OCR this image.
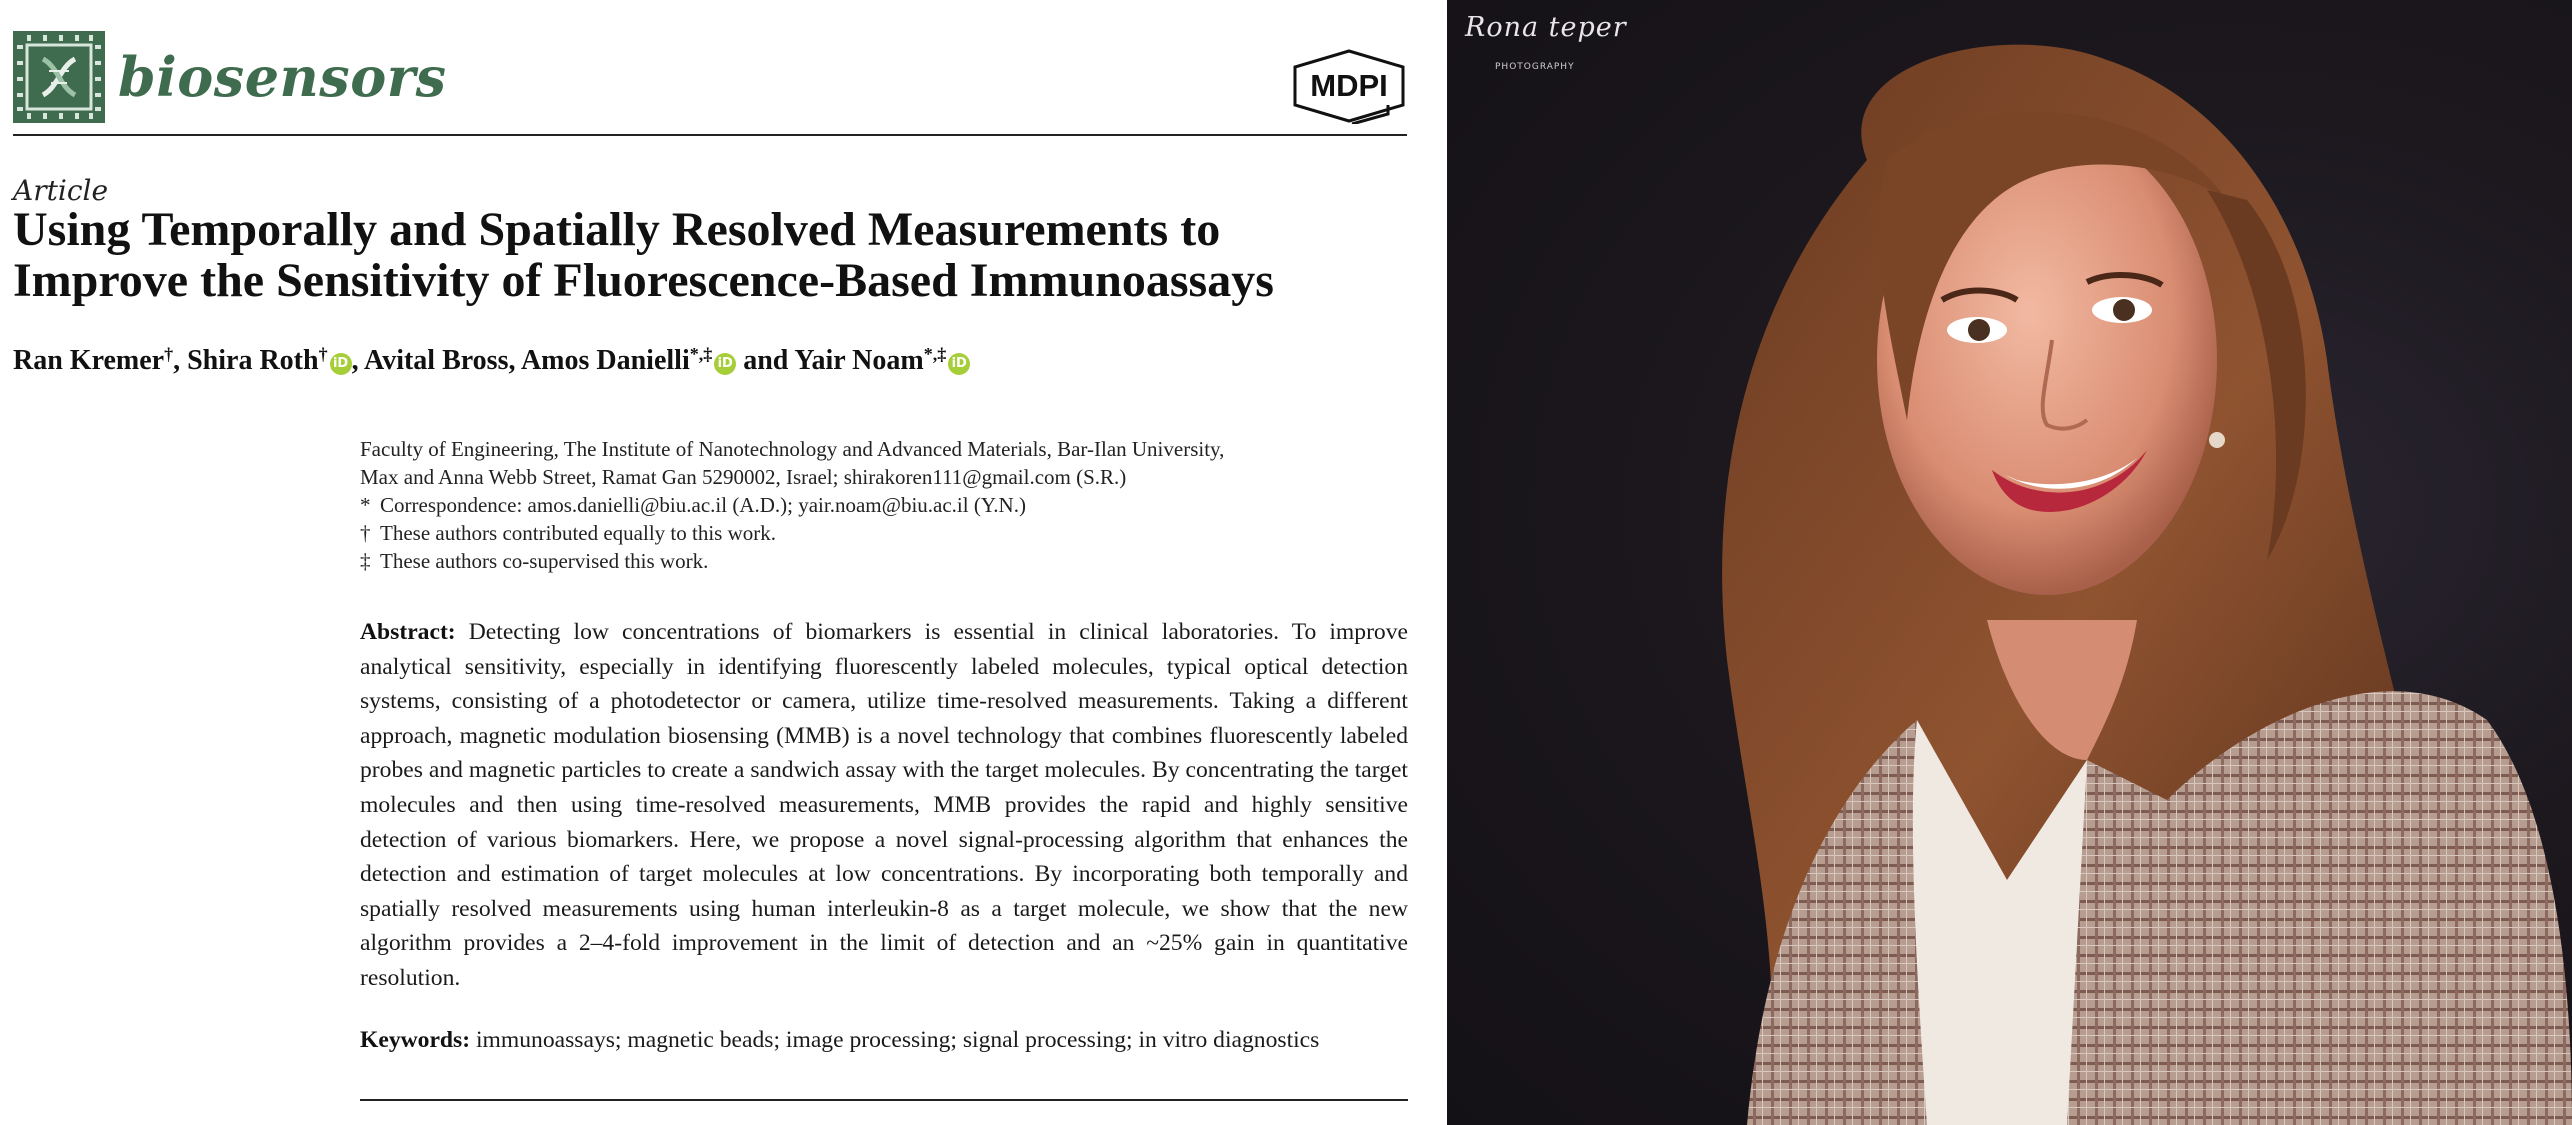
biosensors	MDPI
Article
Using Temporally and Spatially Resolved Measurements to
Improve the Sensitivity of Fluorescence-Based Immunoassays
Ran Kremer†, Shira Roth† iD , Avital Bross, Amos Danielli*,‡ iD and Yair Noam*,‡ iD
Faculty of Engineering, The Institute of Nanotechnology and Advanced Materials, Bar-Ilan University,
Max and Anna Webb Street, Ramat Gan 5290002, Israel; shirakoren111@gmail.com (S.R.)
* Correspondence: amos.danielli@biu.ac.il (A.D.); yair.noam@biu.ac.il (Y.N.)
† These authors contributed equally to this work.
‡ These authors co-supervised this work.

Abstract: Detecting low concentrations of biomarkers is essential in clinical laboratories. To improve analytical sensitivity, especially in identifying fluorescently labeled molecules, typical optical detection systems, consisting of a photodetector or camera, utilize time-resolved measurements. Taking a different approach, magnetic modulation biosensing (MMB) is a novel technology that combines fluorescently labeled probes and magnetic particles to create a sandwich assay with the target molecules. By concentrating the target molecules and then using time-resolved measurements, MMB provides the rapid and highly sensitive detection of various biomarkers. Here, we propose a novel signal-processing algorithm that enhances the detection and estimation of target molecules at low concentrations. By incorporating both temporally and spatially resolved measurements using human interleukin-8 as a target molecule, we show that the new algorithm provides a 2–4-fold improvement in the limit of detection and an ~25% gain in quantitative resolution.

Keywords: immunoassays; magnetic beads; image processing; signal processing; in vitro diagnostics
Rona teper
PHOTOGRAPHY
